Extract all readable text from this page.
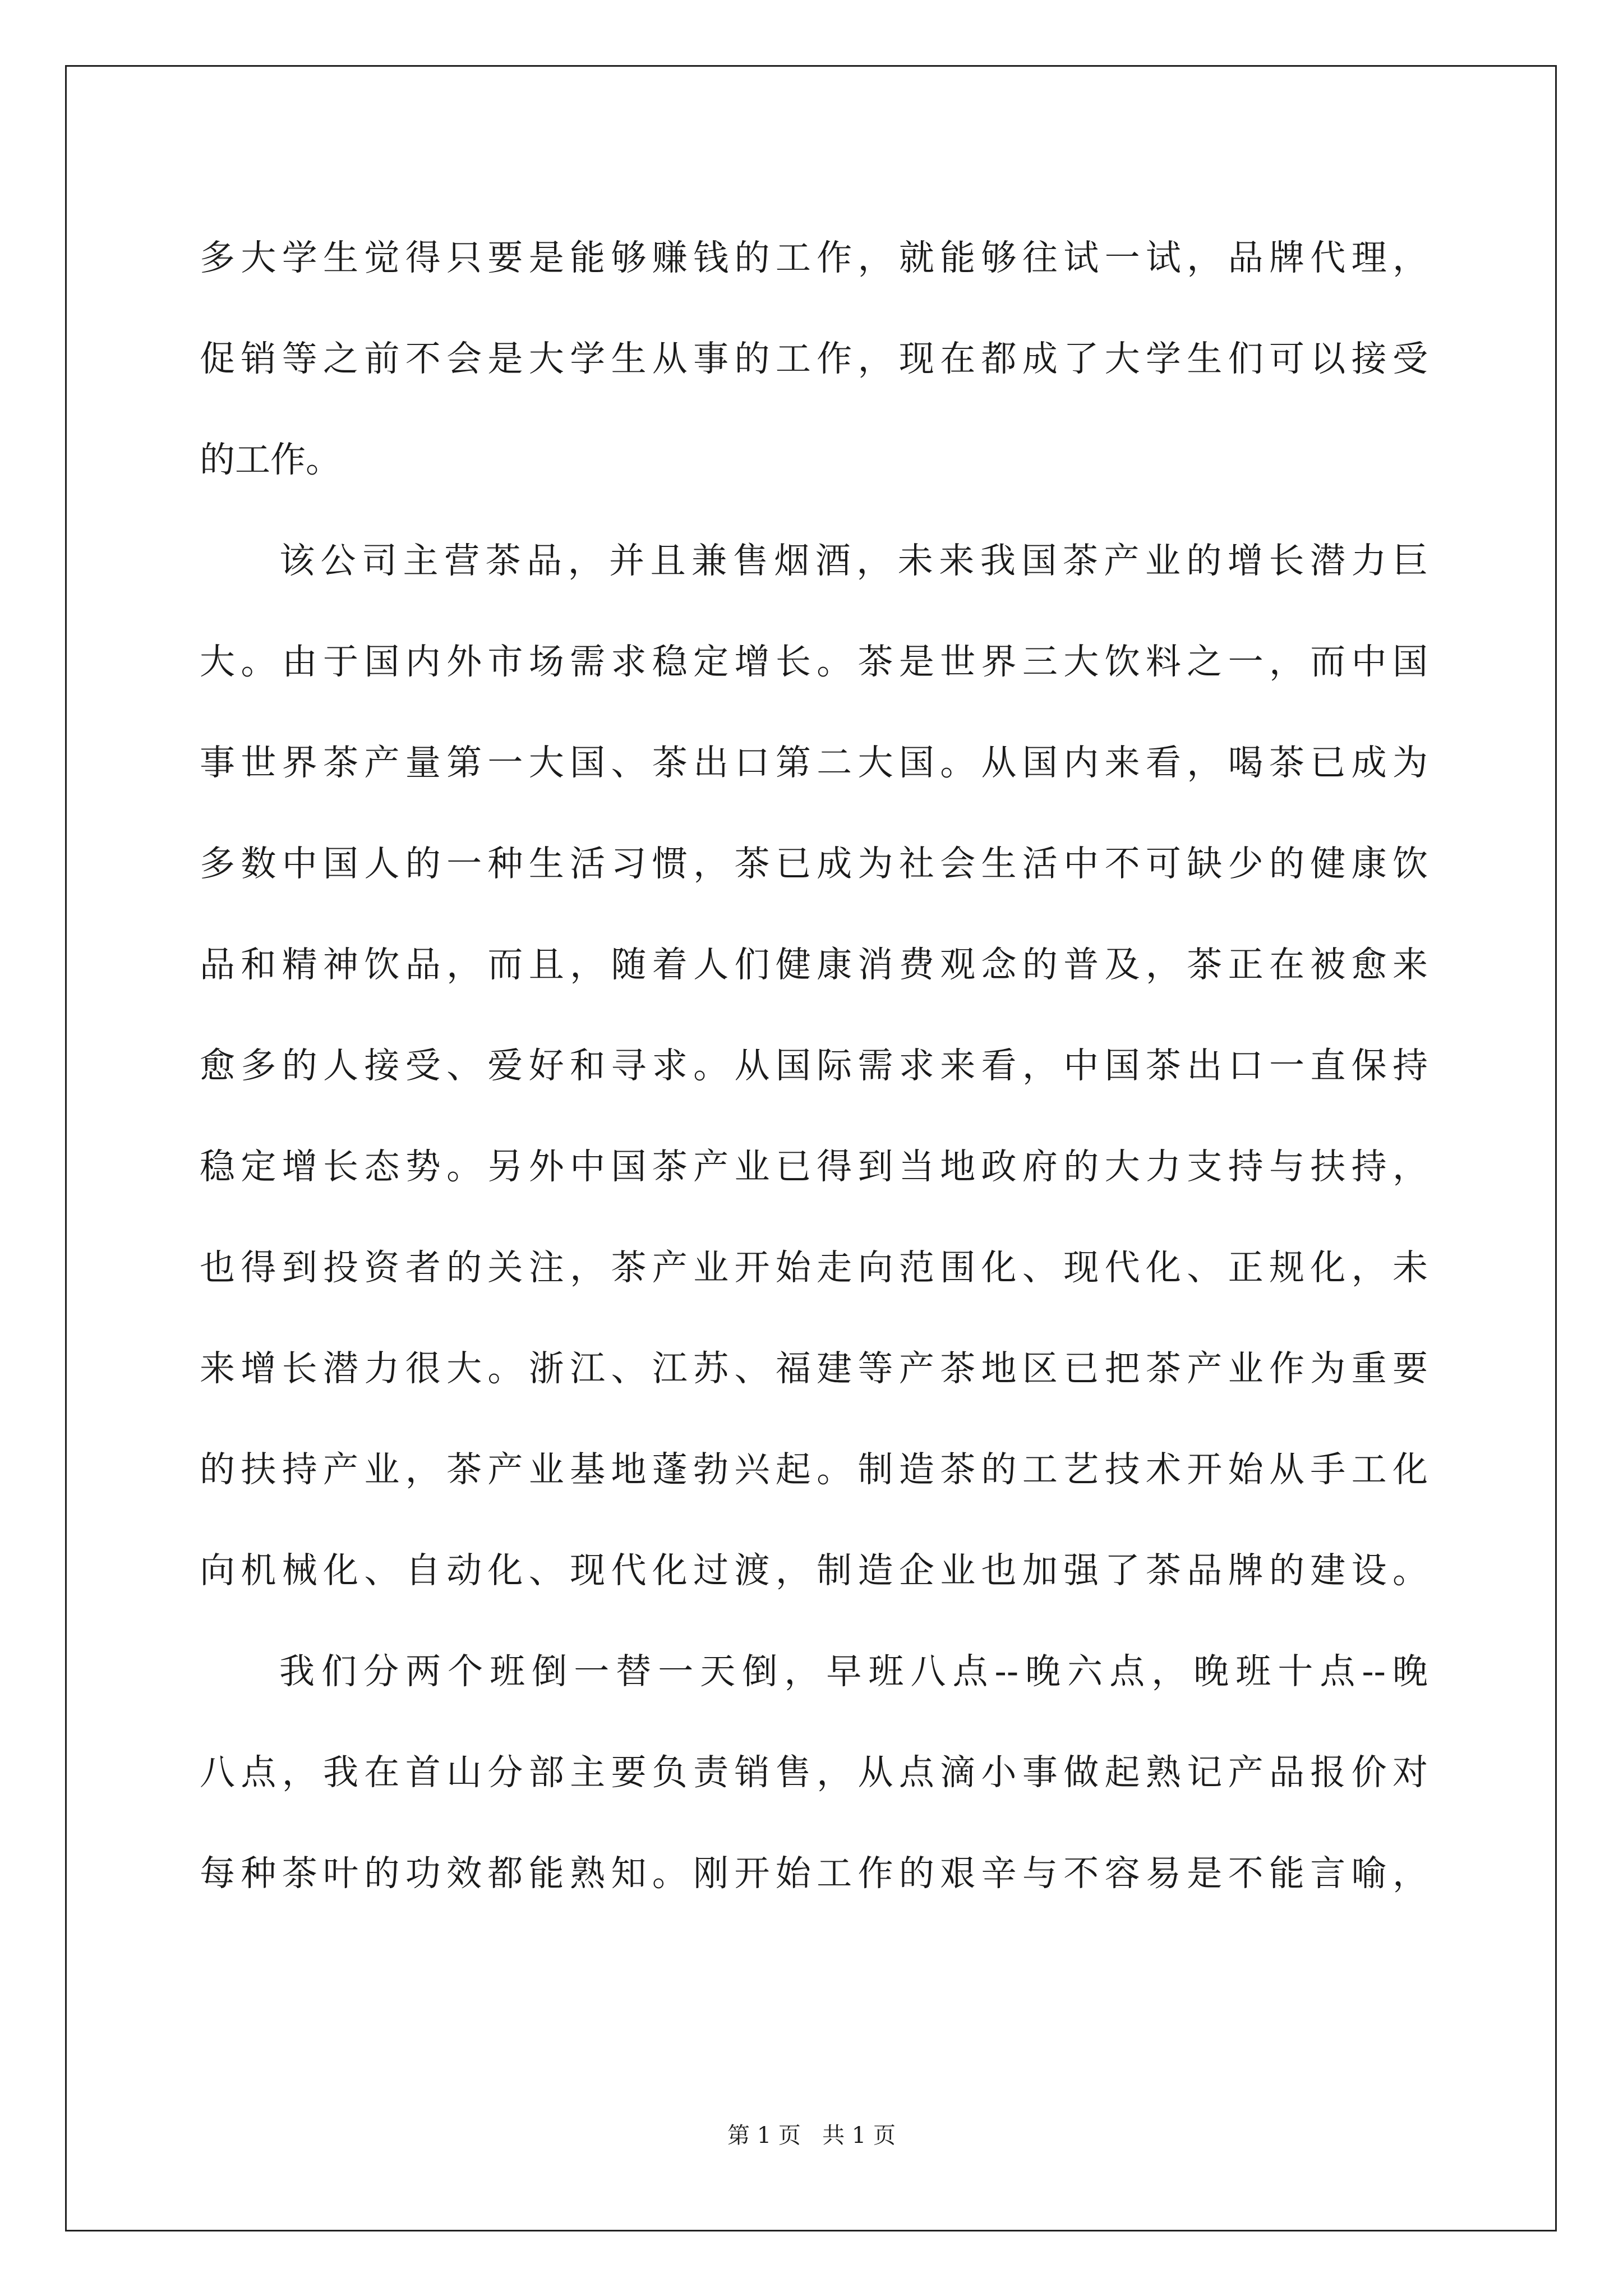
多大学生觉得只要是能够赚钱的工作，就能够往试一试，品牌代理，
促销等之前不会是大学生从事的工作，现在都成了大学生们可以接受
的工作。
该公司主营茶品，并且兼售烟酒，未来我国茶产业的增长潜力巨
大。由于国内外市场需求稳定增长。茶是世界三大饮料之一，而中国
事世界茶产量第一大国、茶出口第二大国。从国内来看，喝茶已成为
多数中国人的一种生活习惯，茶已成为社会生活中不可缺少的健康饮
品和精神饮品，而且，随着人们健康消费观念的普及，茶正在被愈来
愈多的人接受、爱好和寻求。从国际需求来看，中国茶出口一直保持
稳定增长态势。另外中国茶产业已得到当地政府的大力支持与扶持，
也得到投资者的关注，茶产业开始走向范围化、现代化、正规化，未
来增长潜力很大。浙江、江苏、福建等产茶地区已把茶产业作为重要
的扶持产业，茶产业基地蓬勃兴起。制造茶的工艺技术开始从手工化
向机械化、自动化、现代化过渡，制造企业也加强了茶品牌的建设。
我们分两个班倒一替一天倒，早班八点--晚六点，晚班十点--晚
八点，我在首山分部主要负责销售，从点滴小事做起熟记产品报价对
每种茶叶的功效都能熟知。刚开始工作的艰辛与不容易是不能言喻，
第 1 页   共 1 页
